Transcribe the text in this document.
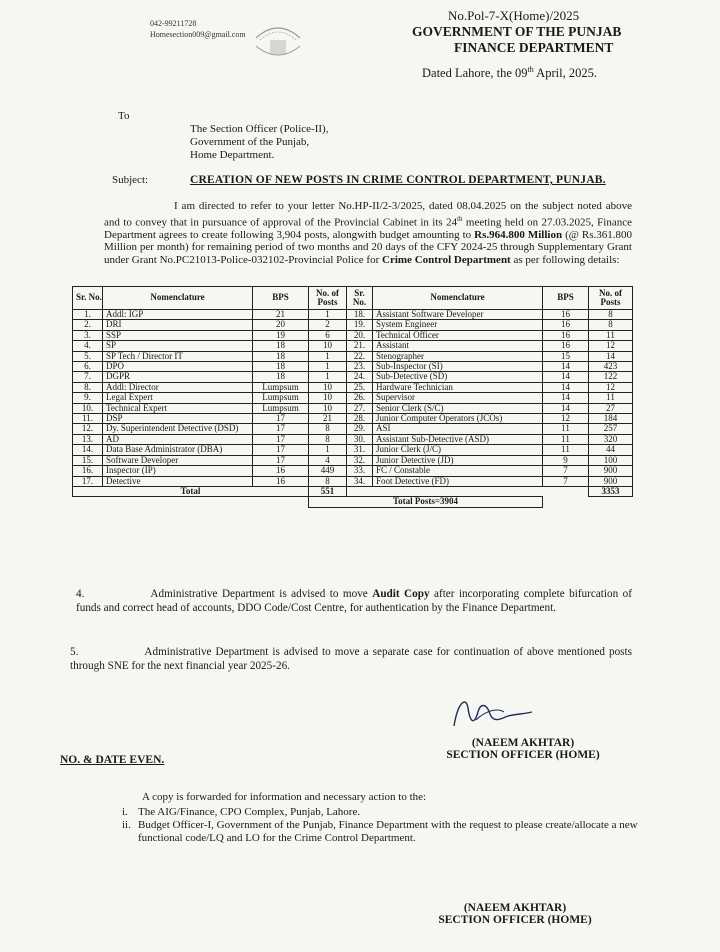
042-99211728
Homesection009@gmail.com
No.Pol-7-X(Home)/2025
GOVERNMENT OF THE PUNJAB
FINANCE DEPARTMENT
Dated Lahore, the 09th April, 2025.
To
The Section Officer (Police-II),
Government of the Punjab,
Home Department.
Subject:	CREATION OF NEW POSTS IN CRIME CONTROL DEPARTMENT, PUNJAB.
I am directed to refer to your letter No.HP-II/2-3/2025, dated 08.04.2025 on the subject noted above and to convey that in pursuance of approval of the Provincial Cabinet in its 24th meeting held on 27.03.2025, Finance Department agrees to create following 3,904 posts, alongwith budget amounting to Rs.964.800 Million (@ Rs.361.800 Million per month) for remaining period of two months and 20 days of the CFY 2024-25 through Supplementary Grant under Grant No.PC21013-Police-032102-Provincial Police for Crime Control Department as per following details:
Sr. No.	Nomenclature	BPS	No. of Posts	Sr. No.	Nomenclature	BPS	No. of Posts
1.	Addl: IGP	21	1	18.	Assistant Software Developer	16	8
2.	DRI	20	2	19.	System Engineer	16	8
3.	SSP	19	6	20.	Technical Officer	16	11
4.	SP	18	10	21.	Assistant	16	12
5.	SP Tech / Director IT	18	1	22.	Stenographer	15	14
6.	DPO	18	1	23.	Sub-Inspector (SI)	14	423
7.	DGPR	18	1	24.	Sub-Detective (SD)	14	122
8.	Addl: Director	Lumpsum	10	25.	Hardware Technician	14	12
9.	Legal Expert	Lumpsum	10	26.	Supervisor	14	11
10.	Technical Expert	Lumpsum	10	27.	Senior Clerk (S/C)	14	27
11.	DSP	17	21	28.	Junior Computer Operators (JCOs)	12	184
12.	Dy. Superintendent Detective (DSD)	17	8	29.	ASI	11	257
13.	AD	17	8	30.	Assistant Sub-Detective (ASD)	11	320
14.	Data Base Administrator (DBA)	17	1	31.	Junior Clerk (J/C)	11	44
15.	Software Developer	17	4	32.	Junior Detective (JD)	9	100
16.	Inspector (IP)	16	449	33.	FC / Constable	7	900
17.	Detective	16	8	34.	Foot Detective (FD)	7	900
Total			551				3353
			Total Posts=3904				
4.	Administrative Department is advised to move Audit Copy after incorporating complete bifurcation of funds and correct head of accounts, DDO Code/Cost Centre, for authentication by the Finance Department.
5.	Administrative Department is advised to move a separate case for continuation of above mentioned posts through SNE for the next financial year 2025-26.
(NAEEM AKHTAR)
SECTION OFFICER (HOME)
NO. & DATE EVEN.
A copy is forwarded for information and necessary action to the:
i. The AIG/Finance, CPO Complex, Punjab, Lahore.
ii. Budget Officer-I, Government of the Punjab, Finance Department with the request to please create/allocate a new functional code/LQ and LO for the Crime Control Department.
(NAEEM AKHTAR)
SECTION OFFICER (HOME)
